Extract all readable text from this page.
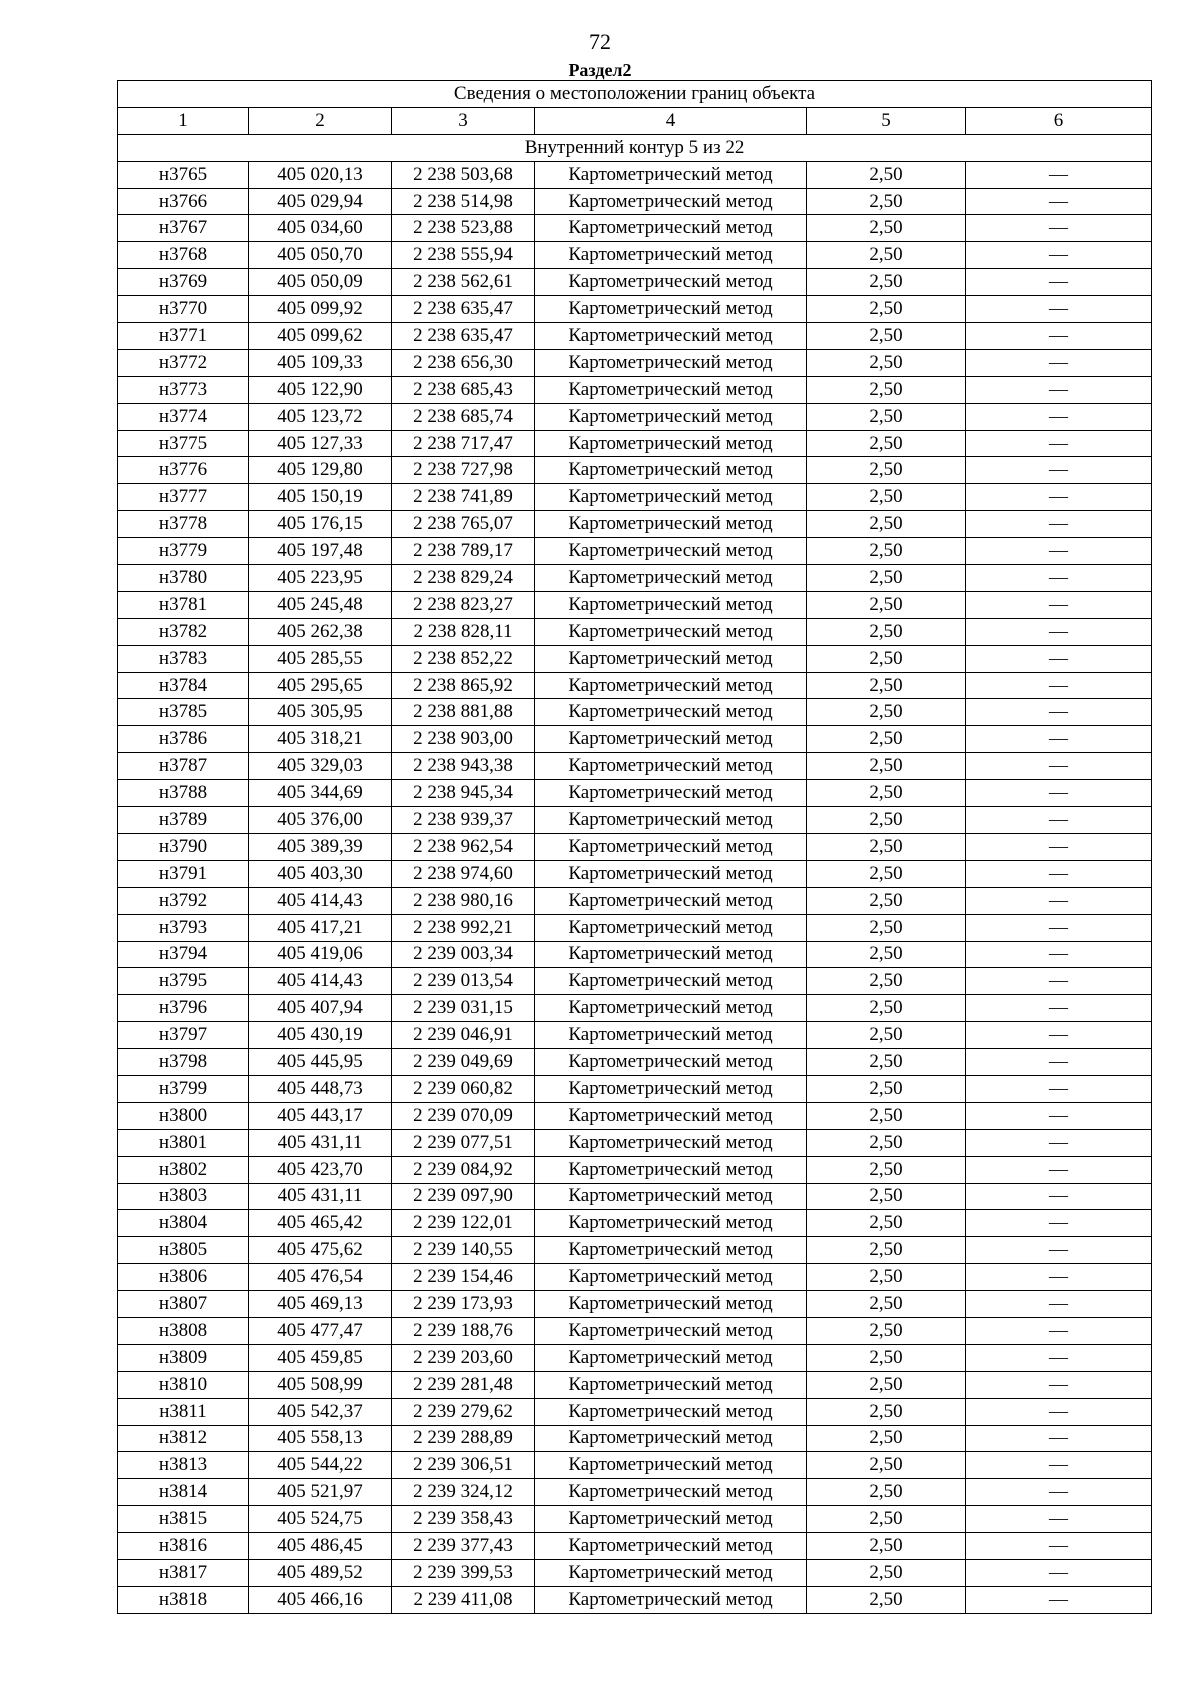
72
Раздел2
Сведения о местоположении границ объекта					
1	2	3	4	5	6
Внутренний контур 5 из 22					
н3765	405 020,13	2 238 503,68	Картометрический метод	2,50	—
н3766	405 029,94	2 238 514,98	Картометрический метод	2,50	—
н3767	405 034,60	2 238 523,88	Картометрический метод	2,50	—
н3768	405 050,70	2 238 555,94	Картометрический метод	2,50	—
н3769	405 050,09	2 238 562,61	Картометрический метод	2,50	—
н3770	405 099,92	2 238 635,47	Картометрический метод	2,50	—
н3771	405 099,62	2 238 635,47	Картометрический метод	2,50	—
н3772	405 109,33	2 238 656,30	Картометрический метод	2,50	—
н3773	405 122,90	2 238 685,43	Картометрический метод	2,50	—
н3774	405 123,72	2 238 685,74	Картометрический метод	2,50	—
н3775	405 127,33	2 238 717,47	Картометрический метод	2,50	—
н3776	405 129,80	2 238 727,98	Картометрический метод	2,50	—
н3777	405 150,19	2 238 741,89	Картометрический метод	2,50	—
н3778	405 176,15	2 238 765,07	Картометрический метод	2,50	—
н3779	405 197,48	2 238 789,17	Картометрический метод	2,50	—
н3780	405 223,95	2 238 829,24	Картометрический метод	2,50	—
н3781	405 245,48	2 238 823,27	Картометрический метод	2,50	—
н3782	405 262,38	2 238 828,11	Картометрический метод	2,50	—
н3783	405 285,55	2 238 852,22	Картометрический метод	2,50	—
н3784	405 295,65	2 238 865,92	Картометрический метод	2,50	—
н3785	405 305,95	2 238 881,88	Картометрический метод	2,50	—
н3786	405 318,21	2 238 903,00	Картометрический метод	2,50	—
н3787	405 329,03	2 238 943,38	Картометрический метод	2,50	—
н3788	405 344,69	2 238 945,34	Картометрический метод	2,50	—
н3789	405 376,00	2 238 939,37	Картометрический метод	2,50	—
н3790	405 389,39	2 238 962,54	Картометрический метод	2,50	—
н3791	405 403,30	2 238 974,60	Картометрический метод	2,50	—
н3792	405 414,43	2 238 980,16	Картометрический метод	2,50	—
н3793	405 417,21	2 238 992,21	Картометрический метод	2,50	—
н3794	405 419,06	2 239 003,34	Картометрический метод	2,50	—
н3795	405 414,43	2 239 013,54	Картометрический метод	2,50	—
н3796	405 407,94	2 239 031,15	Картометрический метод	2,50	—
н3797	405 430,19	2 239 046,91	Картометрический метод	2,50	—
н3798	405 445,95	2 239 049,69	Картометрический метод	2,50	—
н3799	405 448,73	2 239 060,82	Картометрический метод	2,50	—
н3800	405 443,17	2 239 070,09	Картометрический метод	2,50	—
н3801	405 431,11	2 239 077,51	Картометрический метод	2,50	—
н3802	405 423,70	2 239 084,92	Картометрический метод	2,50	—
н3803	405 431,11	2 239 097,90	Картометрический метод	2,50	—
н3804	405 465,42	2 239 122,01	Картометрический метод	2,50	—
н3805	405 475,62	2 239 140,55	Картометрический метод	2,50	—
н3806	405 476,54	2 239 154,46	Картометрический метод	2,50	—
н3807	405 469,13	2 239 173,93	Картометрический метод	2,50	—
н3808	405 477,47	2 239 188,76	Картометрический метод	2,50	—
н3809	405 459,85	2 239 203,60	Картометрический метод	2,50	—
н3810	405 508,99	2 239 281,48	Картометрический метод	2,50	—
н3811	405 542,37	2 239 279,62	Картометрический метод	2,50	—
н3812	405 558,13	2 239 288,89	Картометрический метод	2,50	—
н3813	405 544,22	2 239 306,51	Картометрический метод	2,50	—
н3814	405 521,97	2 239 324,12	Картометрический метод	2,50	—
н3815	405 524,75	2 239 358,43	Картометрический метод	2,50	—
н3816	405 486,45	2 239 377,43	Картометрический метод	2,50	—
н3817	405 489,52	2 239 399,53	Картометрический метод	2,50	—
н3818	405 466,16	2 239 411,08	Картометрический метод	2,50	—
